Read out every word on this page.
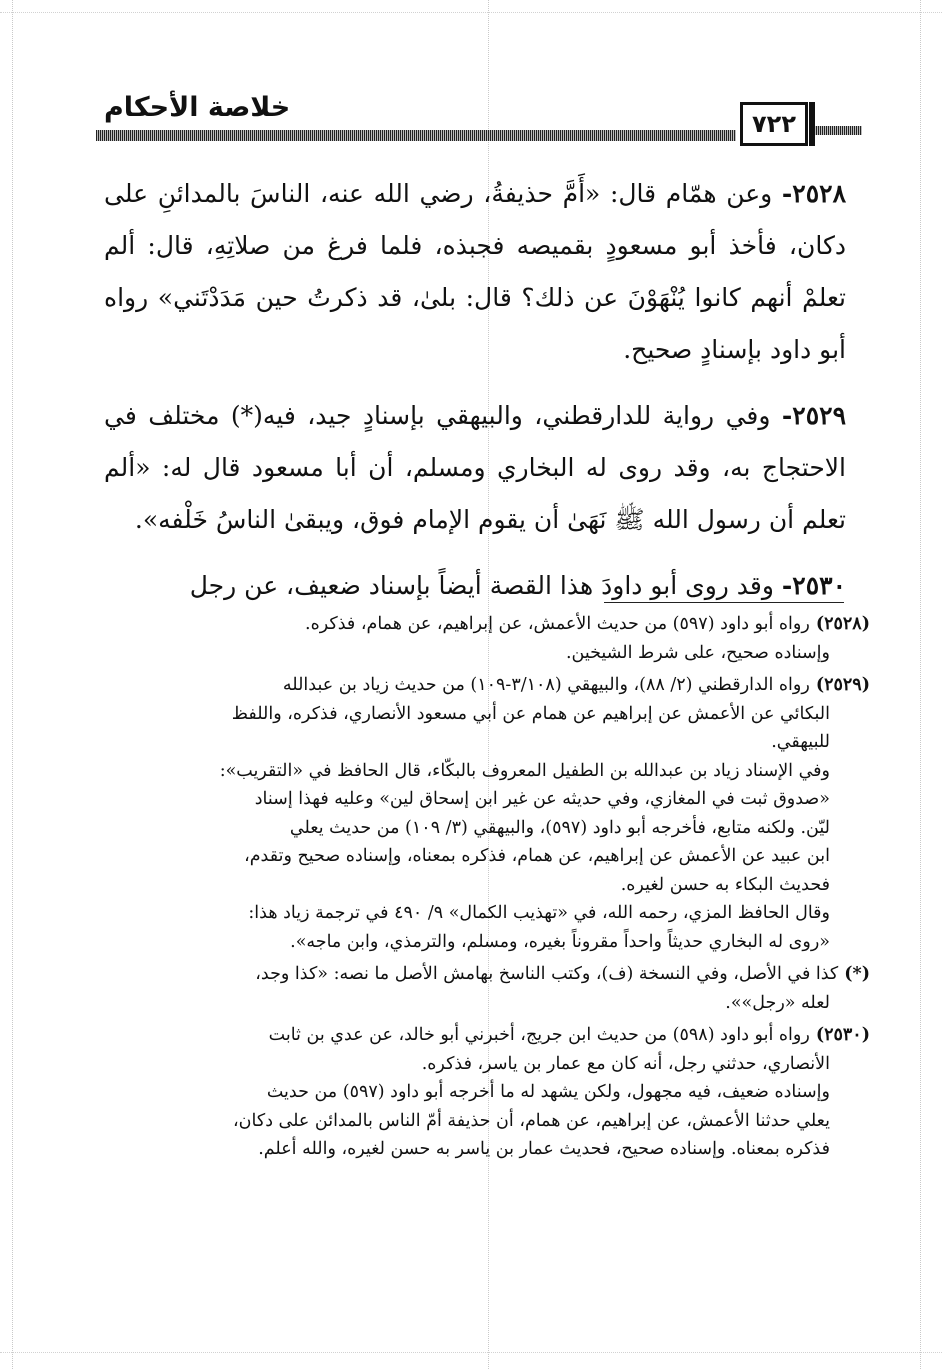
خلاصة الأحكام
٧٢٢

٢٥٢٨- وعن همّام قال: «أَمَّ حذيفةُ، رضي الله عنه، الناسَ بالمدائنِ على دكان، فأخذ أبو مسعودٍ بقميصه فجبذه، فلما فرغ من صلاتِهِ، قال: ألم تعلمْ أنهم كانوا يُنْهَوْنَ عن ذلك؟ قال: بلىٰ، قد ذكرتُ حين مَدَدْتَني» رواه أبو داود بإسنادٍ صحيح.

٢٥٢٩- وفي رواية للدارقطني، والبيهقي بإسنادٍ جيد، فيه(*) مختلف في الاحتجاج به، وقد روى له البخاري ومسلم، أن أبا مسعود قال له: «ألم تعلم أن رسول الله ﷺ نَهَىٰ أن يقوم الإمام فوق، ويبقىٰ الناسُ خَلْفه».

٢٥٣٠- وقد روى أبو داودَ هذا القصة أيضاً بإسناد ضعيف، عن رجل

(٢٥٢٨)رواه أبو داود (٥٩٧) من حديث الأعمش، عن إبراهيم، عن همام، فذكره.
وإسناده صحيح، على شرط الشيخين.
(٢٥٢٩)رواه الدارقطني (٢/ ٨٨)، والبيهقي (٣/١٠٨-١٠٩) من حديث زياد بن عبدالله
البكائي عن الأعمش عن إبراهيم عن همام عن أبي مسعود الأنصاري، فذكره، واللفظ
للبيهقي.
وفي الإسناد زياد بن عبدالله بن الطفيل المعروف بالبكّاء، قال الحافظ في «التقريب»:
«صدوق ثبت في المغازي، وفي حديثه عن غير ابن إسحاق لين» وعليه فهذا إسناد
ليّن. ولكنه متابع، فأخرجه أبو داود (٥٩٧)، والبيهقي (٣/ ١٠٩) من حديث يعلي
ابن عبيد عن الأعمش عن إبراهيم، عن همام، فذكره بمعناه، وإسناده صحيح وتقدم،
فحديث البكاء به حسن لغيره.
وقال الحافظ المزي، رحمه الله، في «تهذيب الكمال» ٩/ ٤٩٠ في ترجمة زياد هذا:
«روى له البخاري حديثاً واحداً مقروناً بغيره، ومسلم، والترمذي، وابن ماجه».
(*)كذا في الأصل، وفي النسخة (ف)، وكتب الناسخ بهامش الأصل ما نصه: «كذا وجد،
لعله «رجل»».
(٢٥٣٠)رواه أبو داود (٥٩٨) من حديث ابن جريج، أخبرني أبو خالد، عن عدي بن ثابت
الأنصاري، حدثني رجل، أنه كان مع عمار بن ياسر، فذكره.
وإسناده ضعيف، فيه مجهول، ولكن يشهد له ما أخرجه أبو داود (٥٩٧) من حديث
يعلي حدثنا الأعمش، عن إبراهيم، عن همام، أن حذيفة أمّ الناس بالمدائن على دكان،
فذكره بمعناه. وإسناده صحيح، فحديث عمار بن ياسر به حسن لغيره، والله أعلم.
